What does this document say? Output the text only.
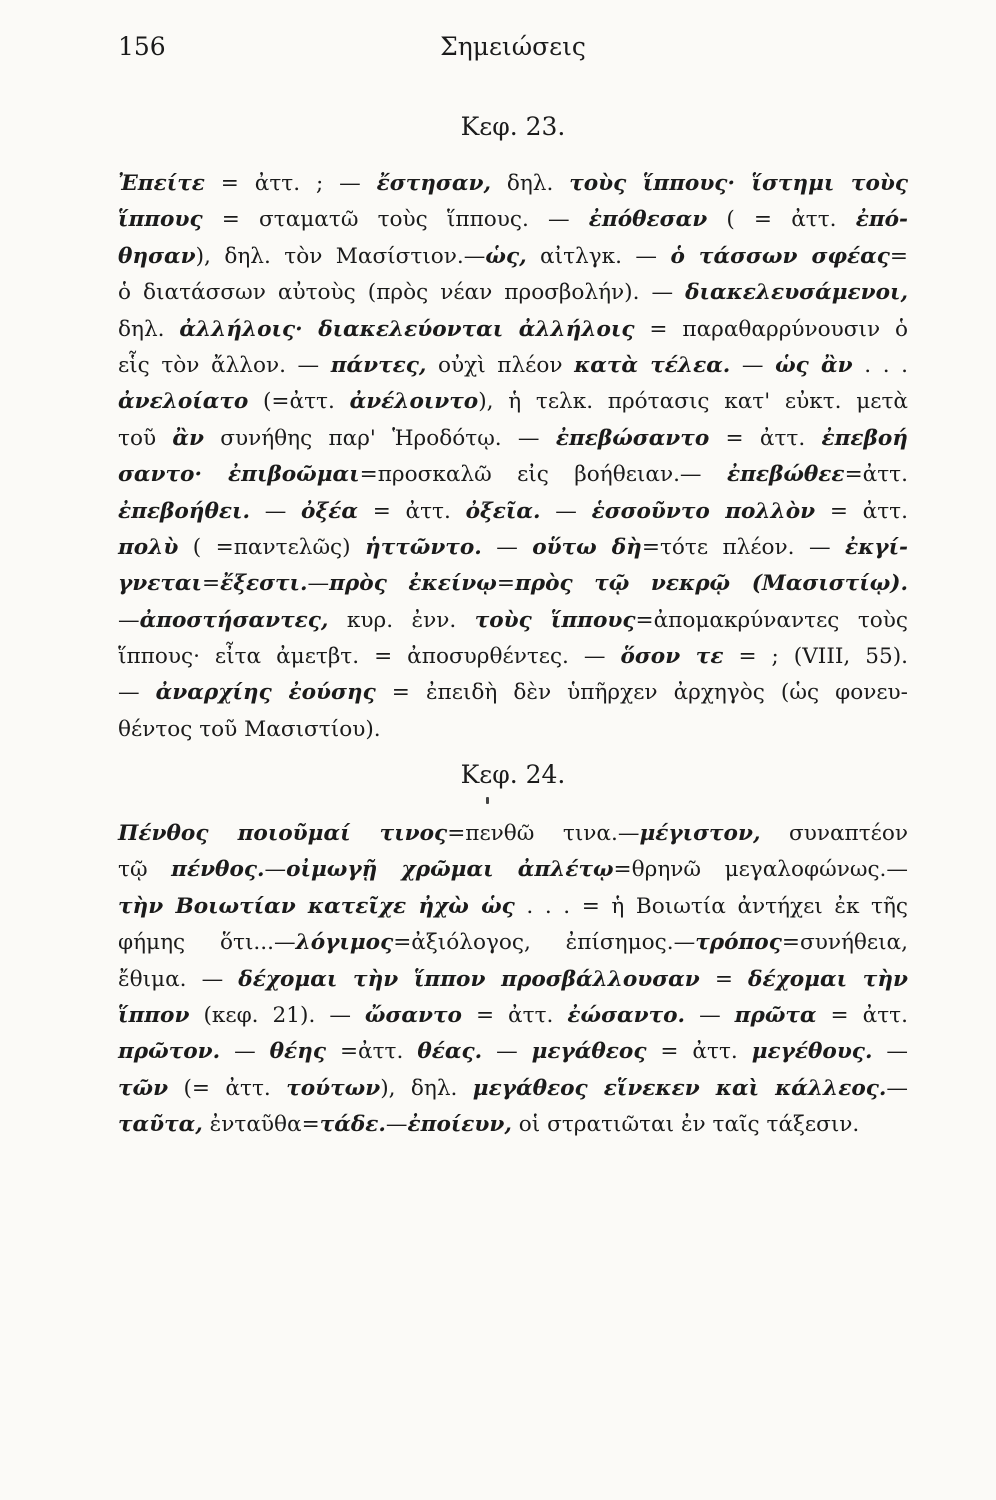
156	Σημειώσεις
Κεφ. 23.
Ἐπείτε = ἀττ. ; — ἔστησαν, δηλ. τοὺς ἵππους· ἵστημι τοὺς
ἵππους = σταματῶ τοὺς ἵππους. — ἐπόθεσαν ( = ἀττ. ἐπό-
θησαν), δηλ. τὸν Μασίστιον.—ὡς, αἰτλγκ. — ὁ τάσσων σφέας=
ὁ διατάσσων αὐτοὺς (πρὸς νέαν προσβολήν). — διακελευσάμενοι,
δηλ. ἀλλήλοις· διακελεύονται ἀλλήλοις = παραθαρρύνουσιν ὁ
εἷς τὸν ἄλλον. — πάντες, οὐχὶ πλέον κατὰ τέλεα. — ὡς ἂν . . .
ἀνελοίατο (=ἀττ. ἀνέλοιντο), ἡ τελκ. πρότασις κατ' εὐκτ. μετὰ
τοῦ ἂν συνήθης παρ' Ἡροδότῳ. — ἐπεβώσαντο = ἀττ. ἐπεβοή
σαντο· ἐπιβοῶμαι=προσκαλῶ εἰς βοήθειαν.— ἐπεβώθεε=ἀττ.
ἐπεβοήθει. — ὀξέα = ἀττ. ὀξεῖα. — ἑσσοῦντο πολλὸν = ἀττ.
πολὺ ( =παντελῶς) ἡττῶντο. — οὕτω δὴ=τότε πλέον. — ἐκγί-
γνεται=ἔξεστι.—πρὸς ἐκείνῳ=πρὸς τῷ νεκρῷ (Μασιστίῳ).
—ἀποστήσαντες, κυρ. ἐνν. τοὺς ἵππους=ἀπομακρύναντες τοὺς
ἵππους· εἶτα ἀμετβτ. = ἀποσυρθέντες. — ὅσον τε = ; (VIII, 55).
— ἀναρχίης ἐούσης = ἐπειδὴ δὲν ὑπῆρχεν ἀρχηγὸς (ὡς φονευ-
θέντος τοῦ Μασιστίου).
Κεφ. 24.
Πένθος ποιοῦμαί τινος=πενθῶ τινα.—μέγιστον, συναπτέον
τῷ πένθος.—οἰμωγῇ χρῶμαι ἀπλέτῳ=θρηνῶ μεγαλοφώνως.—
τὴν Βοιωτίαν κατεῖχε ἠχὼ ὡς . . . = ἡ Βοιωτία ἀντήχει ἐκ τῆς
φήμης ὅτι...—λόγιμος=ἀξιόλογος, ἐπίσημος.—τρόπος=συνήθεια,
ἔθιμα. — δέχομαι τὴν ἵππον προσβάλλουσαν = δέχομαι τὴν
ἵππον (κεφ. 21). — ὤσαντο = ἀττ. ἐώσαντο. — πρῶτα = ἀττ.
πρῶτον. — θέης =ἀττ. θέας. — μεγάθεος = ἀττ. μεγέθους. —
τῶν (= ἀττ. τούτων), δηλ. μεγάθεος εἵνεκεν καὶ κάλλεος.—
ταῦτα, ἐνταῦθα=τάδε.—ἐποίευν, οἱ στρατιῶται ἐν ταῖς τάξεσιν.
